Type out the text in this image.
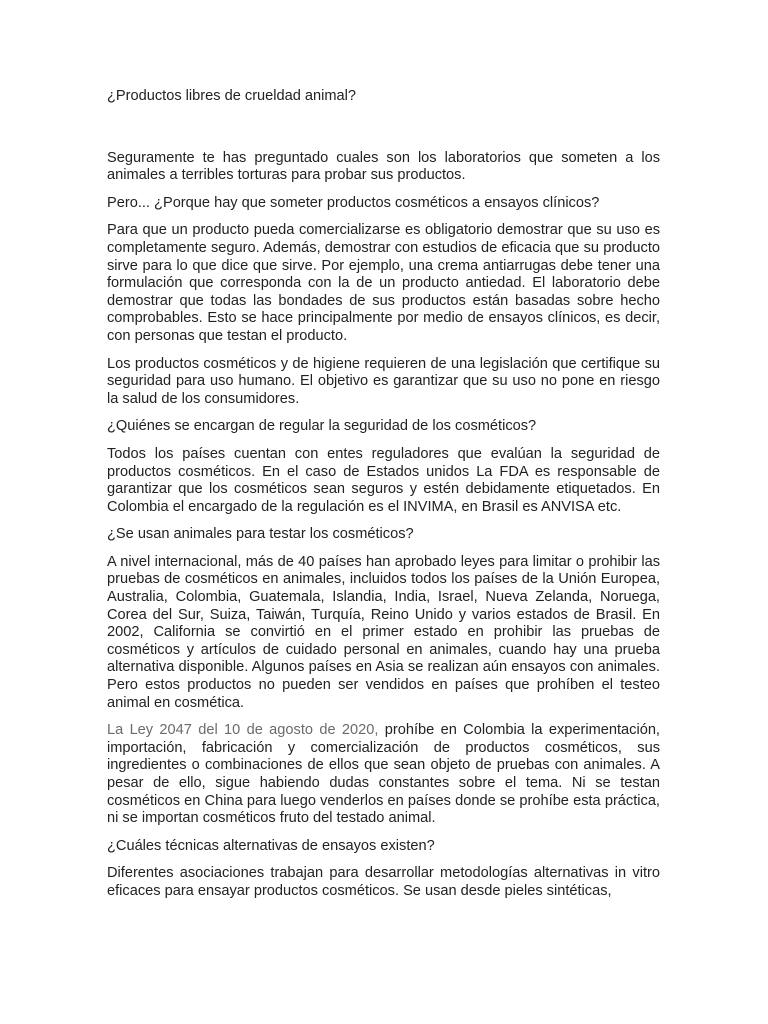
¿Productos libres de crueldad animal?

Seguramente te has preguntado cuales son los laboratorios que someten a los animales a terribles torturas para probar sus productos.

Pero... ¿Porque hay que someter productos cosméticos a ensayos clínicos?

Para que un producto pueda comercializarse es obligatorio demostrar que su uso es completamente seguro. Además, demostrar con estudios de eficacia que su producto sirve para lo que dice que sirve. Por ejemplo, una crema antiarrugas debe tener una formulación que corresponda con la de un producto antiedad. El laboratorio debe demostrar que todas las bondades de sus productos están basadas sobre hecho comprobables. Esto se hace principalmente por medio de ensayos clínicos, es decir, con personas que testan el producto.

Los productos cosméticos y de higiene requieren de una legislación que certifique su seguridad para uso humano. El objetivo es garantizar que su uso no pone en riesgo la salud de los consumidores.

¿Quiénes se encargan de regular la seguridad de los cosméticos?

Todos los países cuentan con entes reguladores que evalúan la seguridad de productos cosméticos. En el caso de Estados unidos La FDA es responsable de garantizar que los cosméticos sean seguros y estén debidamente etiquetados. En Colombia el encargado de la regulación es el INVIMA, en Brasil es ANVISA etc.

¿Se usan animales para testar los cosméticos?

A nivel internacional, más de 40 países han aprobado leyes para limitar o prohibir las pruebas de cosméticos en animales, incluidos todos los países de la Unión Europea, Australia, Colombia, Guatemala, Islandia, India, Israel, Nueva Zelanda, Noruega, Corea del Sur, Suiza, Taiwán, Turquía, Reino Unido y varios estados de Brasil. En 2002, California se convirtió en el primer estado en prohibir las pruebas de cosméticos y artículos de cuidado personal en animales, cuando hay una prueba alternativa disponible. Algunos países en Asia se realizan aún ensayos con animales. Pero estos productos no pueden ser vendidos en países que prohíben el testeo animal en cosmética.

La Ley 2047 del 10 de agosto de 2020, prohíbe en Colombia la experimentación, importación, fabricación y comercialización de productos cosméticos, sus ingredientes o combinaciones de ellos que sean objeto de pruebas con animales. A pesar de ello, sigue habiendo dudas constantes sobre el tema. Ni se testan cosméticos en China para luego venderlos en países donde se prohíbe esta práctica, ni se importan cosméticos fruto del testado animal.

¿Cuáles técnicas alternativas de ensayos existen?

Diferentes asociaciones trabajan para desarrollar metodologías alternativas in vitro eficaces para ensayar productos cosméticos. Se usan desde pieles sintéticas,
